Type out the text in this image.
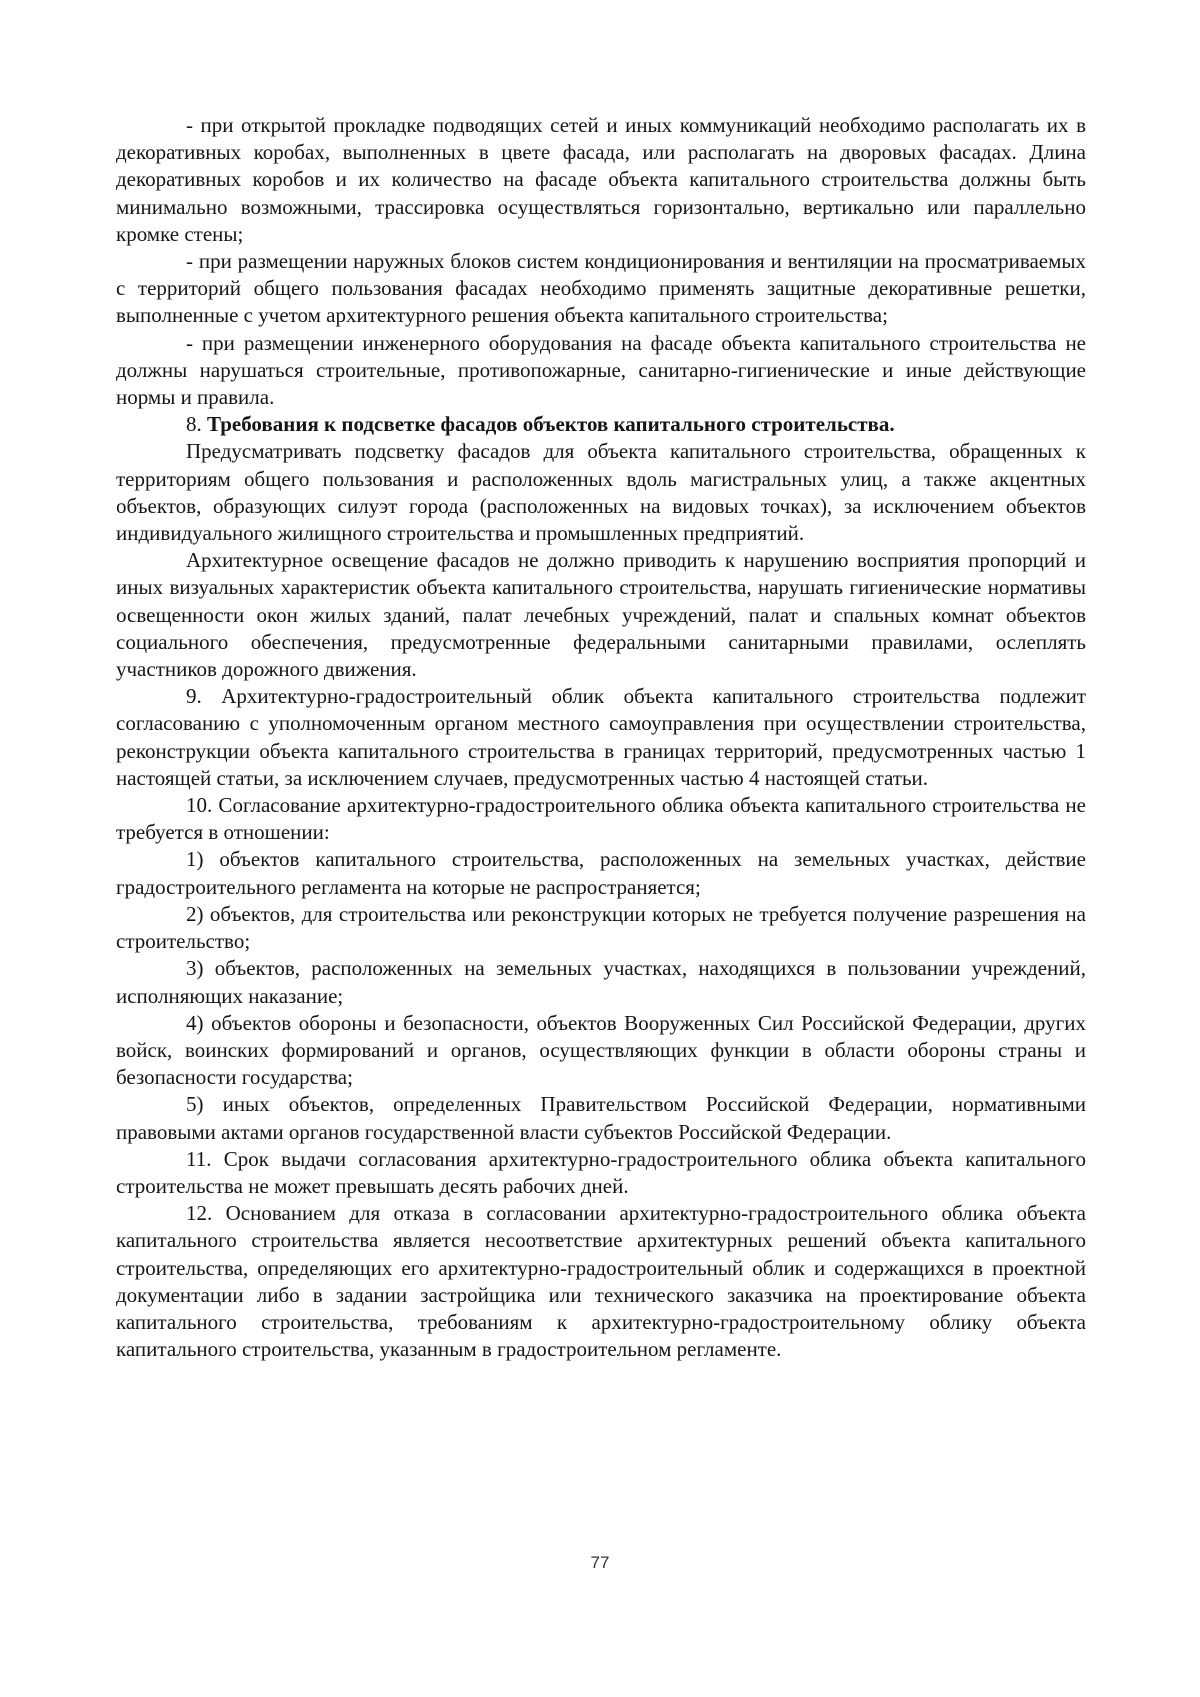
- при открытой прокладке подводящих сетей и иных коммуникаций необходимо располагать их в декоративных коробах, выполненных в цвете фасада, или располагать на дворовых фасадах. Длина декоративных коробов и их количество на фасаде объекта капитального строительства должны быть минимально возможными, трассировка осуществляться горизонтально, вертикально или параллельно кромке стены;

- при размещении наружных блоков систем кондиционирования и вентиляции на просматриваемых с территорий общего пользования фасадах необходимо применять защитные декоративные решетки, выполненные с учетом архитектурного решения объекта капитального строительства;

- при размещении инженерного оборудования на фасаде объекта капитального строительства не должны нарушаться строительные, противопожарные, санитарно-гигиенические и иные действующие нормы и правила.

8. Требования к подсветке фасадов объектов капитального строительства.

Предусматривать подсветку фасадов для объекта капитального строительства, обращенных к территориям общего пользования и расположенных вдоль магистральных улиц, а также акцентных объектов, образующих силуэт города (расположенных на видовых точках), за исключением объектов индивидуального жилищного строительства и промышленных предприятий.

Архитектурное освещение фасадов не должно приводить к нарушению восприятия пропорций и иных визуальных характеристик объекта капитального строительства, нарушать гигиенические нормативы освещенности окон жилых зданий, палат лечебных учреждений, палат и спальных комнат объектов социального обеспечения, предусмотренные федеральными санитарными правилами, ослеплять участников дорожного движения.

9. Архитектурно-градостроительный облик объекта капитального строительства подлежит согласованию с уполномоченным органом местного самоуправления при осуществлении строительства, реконструкции объекта капитального строительства в границах территорий, предусмотренных частью 1 настоящей статьи, за исключением случаев, предусмотренных частью 4 настоящей статьи.

10. Согласование архитектурно-градостроительного облика объекта капитального строительства не требуется в отношении:

1) объектов капитального строительства, расположенных на земельных участках, действие градостроительного регламента на которые не распространяется;

2) объектов, для строительства или реконструкции которых не требуется получение разрешения на строительство;

3) объектов, расположенных на земельных участках, находящихся в пользовании учреждений, исполняющих наказание;

4) объектов обороны и безопасности, объектов Вооруженных Сил Российской Федерации, других войск, воинских формирований и органов, осуществляющих функции в области обороны страны и безопасности государства;

5) иных объектов, определенных Правительством Российской Федерации, нормативными правовыми актами органов государственной власти субъектов Российской Федерации.

11. Срок выдачи согласования архитектурно-градостроительного облика объекта капитального строительства не может превышать десять рабочих дней.

12. Основанием для отказа в согласовании архитектурно-градостроительного облика объекта капитального строительства является несоответствие архитектурных решений объекта капитального строительства, определяющих его архитектурно-градостроительный облик и содержащихся в проектной документации либо в задании застройщика или технического заказчика на проектирование объекта капитального строительства, требованиям к архитектурно-градостроительному облику объекта капитального строительства, указанным в градостроительном регламенте.

77
